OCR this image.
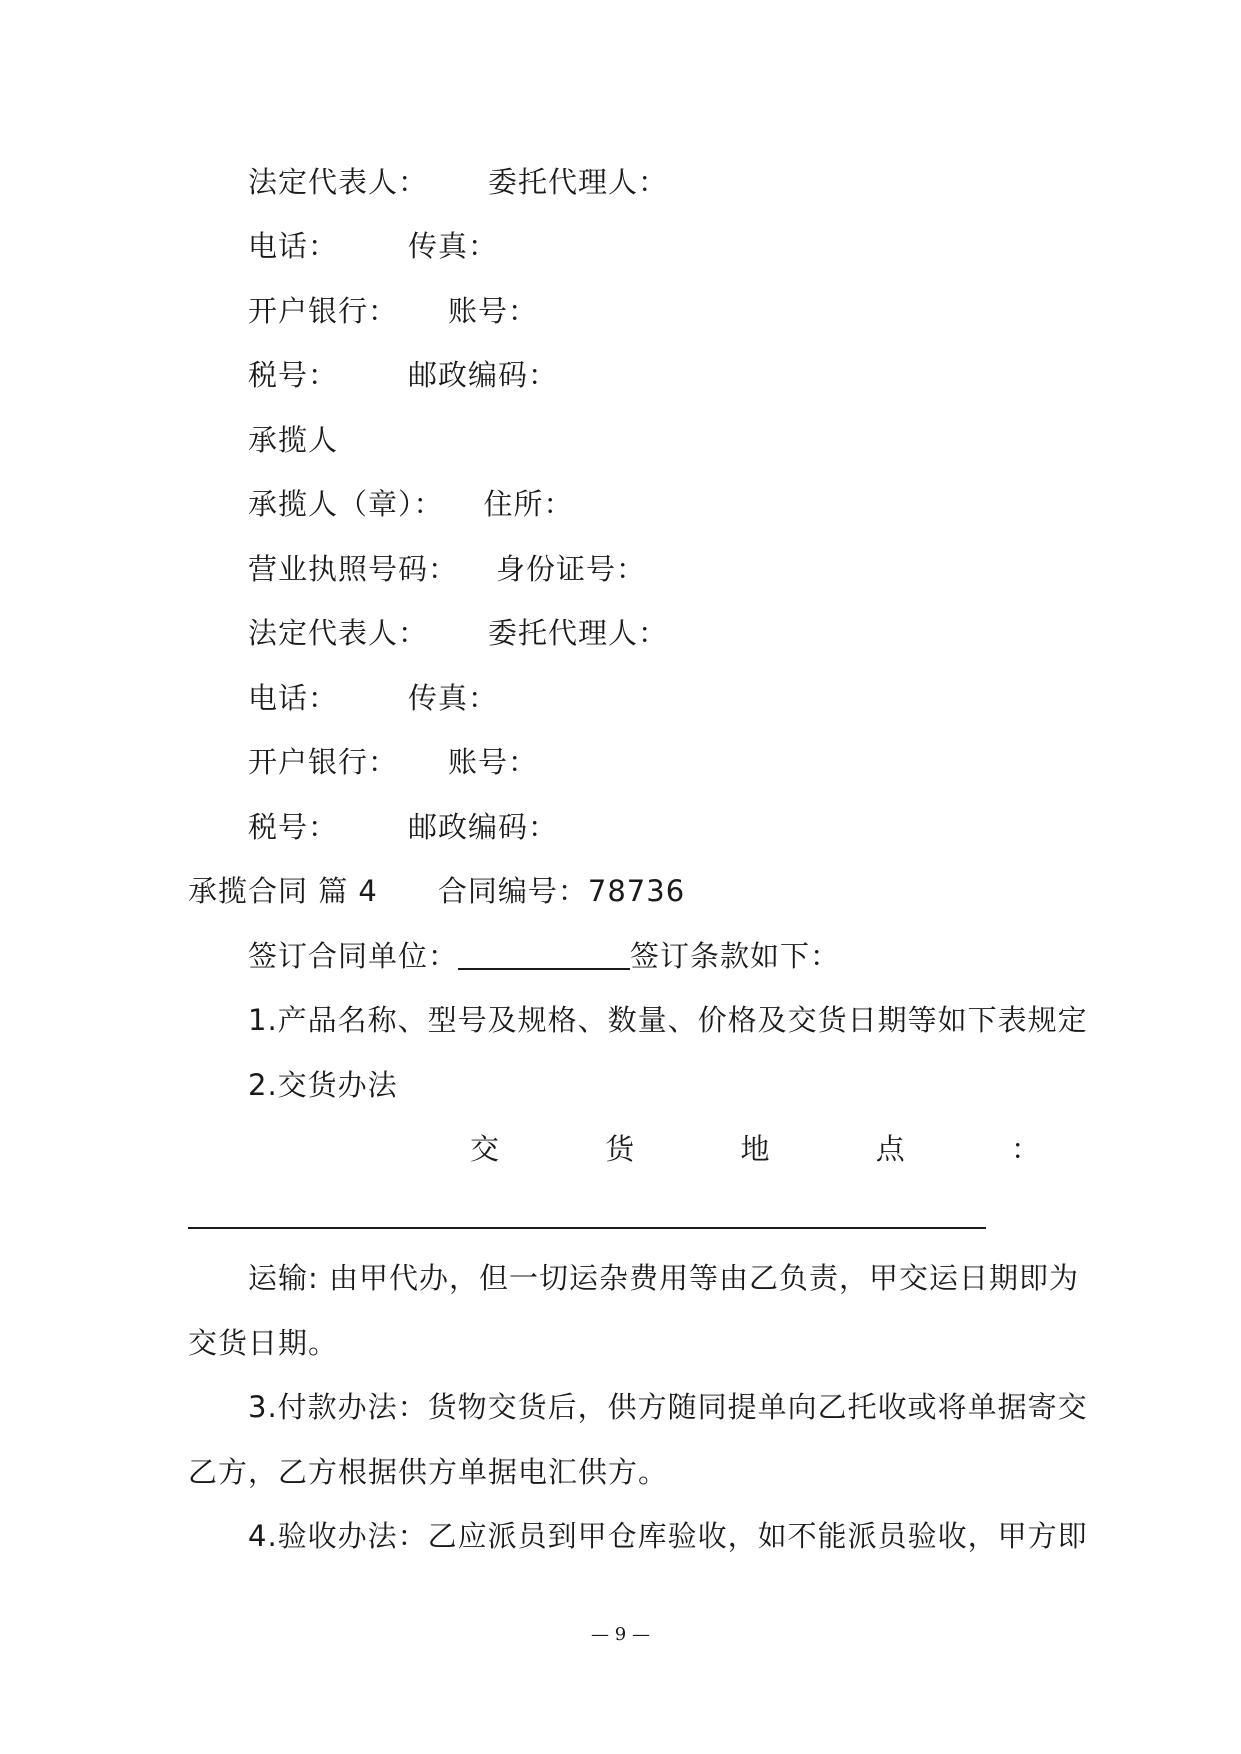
法定代表人： 委托代理人：
电话： 传真：
开户银行： 账号：
税号： 邮政编码：
承揽人
承揽人（章）： 住所：
营业执照号码： 身份证号：
法定代表人： 委托代理人：
电话： 传真：
开户银行： 账号：
税号： 邮政编码：
承揽合同 篇 4 合同编号：78736
签订合同单位：	签订条款如下：
1.产品名称、型号及规格、数量、价格及交货日期等如下表规定
2.交货办法
交	货	地	点	：
运输: 由甲代办，但一切运杂费用等由乙负责，甲交运日期即为
交货日期。
3.付款办法：货物交货后，供方随同提单向乙托收或将单据寄交
乙方，乙方根据供方单据电汇供方。
4.验收办法：乙应派员到甲仓库验收，如不能派员验收，甲方即
— 9 —
